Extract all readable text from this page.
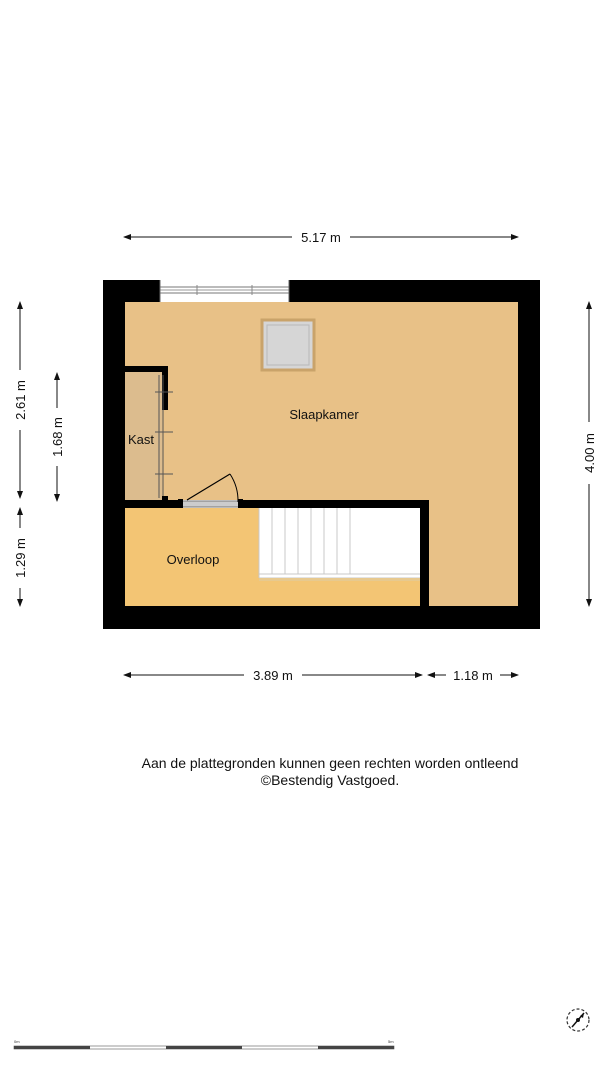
5.17 m
2.61 m
1.29 m
1.68 m	4.00 m
3.89 m	1.18 m
Slaapkamer
Kast
Overloop
0m	5m
Aan de plattegronden kunnen geen rechten worden ontleend
©Bestendig Vastgoed.
